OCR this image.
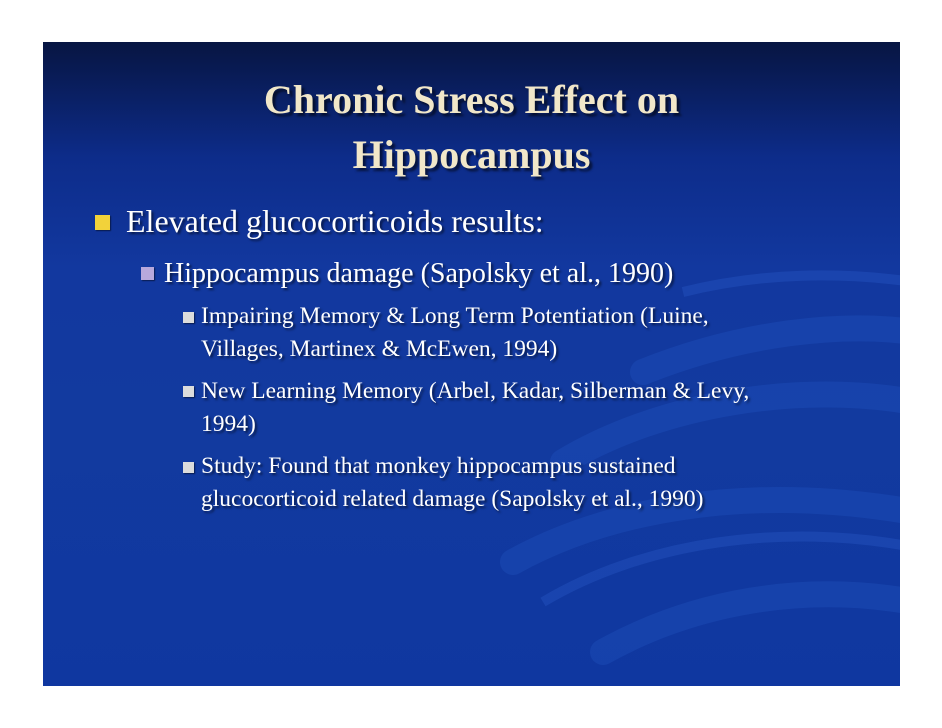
Chronic Stress Effect on
Hippocampus
Elevated glucocorticoids results:
Hippocampus damage (Sapolsky et al., 1990)
Impairing Memory & Long Term Potentiation (Luine,
Villages, Martinex & McEwen, 1994)
New Learning Memory (Arbel, Kadar, Silberman & Levy,
1994)
Study: Found that monkey hippocampus sustained
glucocorticoid related damage (Sapolsky et al., 1990)
